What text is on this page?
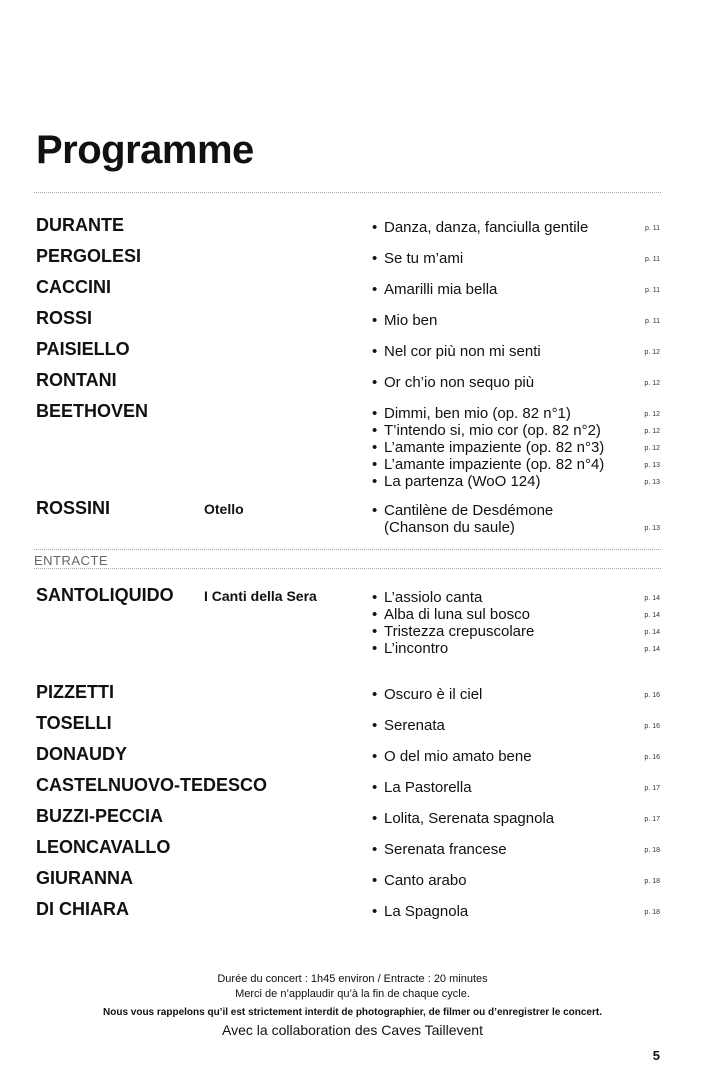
Programme
DURANTE	• Danza, danza, fanciulla gentile	p. 11
PERGOLESI	• Se tu m’ami	p. 11
CACCINI	• Amarilli mia bella	p. 11
ROSSI	• Mio ben	p. 11
PAISIELLO	• Nel cor più non mi senti	p. 12
RONTANI	• Or ch’io non sequo più	p. 12
BEETHOVEN	• Dimmi, ben mio (op. 82 n°1)	p. 12
• T’intendo si, mio cor (op. 82 n°2)	p. 12
• L’amante impaziente (op. 82 n°3)	p. 12
• L’amante impaziente (op. 82 n°4)	p. 13
• La partenza (WoO 124)	p. 13
ROSSINI	Otello	• Cantilène de Desdémone
(Chanson du saule)	p. 13
SANTOLIQUIDO I Canti della Sera	• L’assiolo canta	p. 14
• Alba di luna sul bosco	p. 14
• Tristezza crepuscolare	p. 14
• L’incontro	p. 14
PIZZETTI	• Oscuro è il ciel	p. 16
TOSELLI	• Serenata	p. 16
DONAUDY	• O del mio amato bene	p. 16
CASTELNUOVO-TEDESCO	• La Pastorella	p. 17
BUZZI-PECCIA	• Lolita, Serenata spagnola	p. 17
LEONCAVALLO	• Serenata francese	p. 18
GIURANNA	• Canto arabo	p. 18
DI CHIARA	• La Spagnola	p. 18
ENTRACTE
Durée du concert : 1h45 environ / Entracte : 20 minutes
Merci de n’applaudir qu’à la fin de chaque cycle.
Nous vous rappelons qu’il est strictement interdit de photographier, de filmer ou d’enregistrer le concert.
Avec la collaboration des Caves Taillevent
5
